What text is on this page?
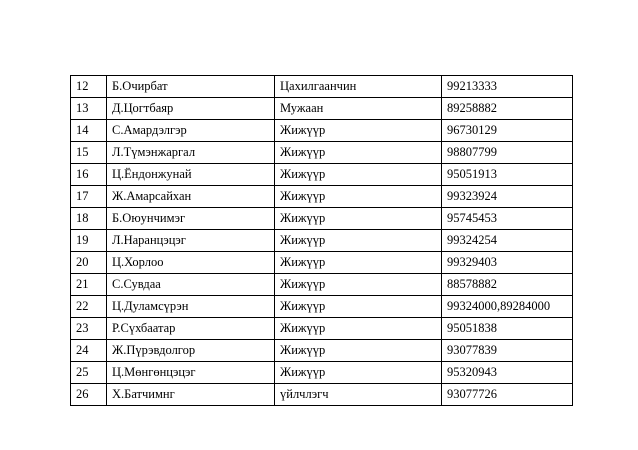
12	Б.Очирбат	Цахилгаанчин	99213333
13	Д.Цогтбаяр	Мужаан	89258882
14	С.Амардэлгэр	Жижүүр	96730129
15	Л.Түмэнжаргал	Жижүүр	98807799
16	Ц.Ёндонжунай	Жижүүр	95051913
17	Ж.Амарсайхан	Жижүүр	99323924
18	Б.Оюунчимэг	Жижүүр	95745453
19	Л.Наранцэцэг	Жижүүр	99324254
20	Ц.Хорлоо	Жижүүр	99329403
21	С.Сувдаа	Жижүүр	88578882
22	Ц.Дуламсүрэн	Жижүүр	99324000,89284000
23	Р.Сүхбаатар	Жижүүр	95051838
24	Ж.Пүрэвдолгор	Жижүүр	93077839
25	Ц.Мөнгөнцэцэг	Жижүүр	95320943
26	Х.Батчимнг	үйлчлэгч	93077726
